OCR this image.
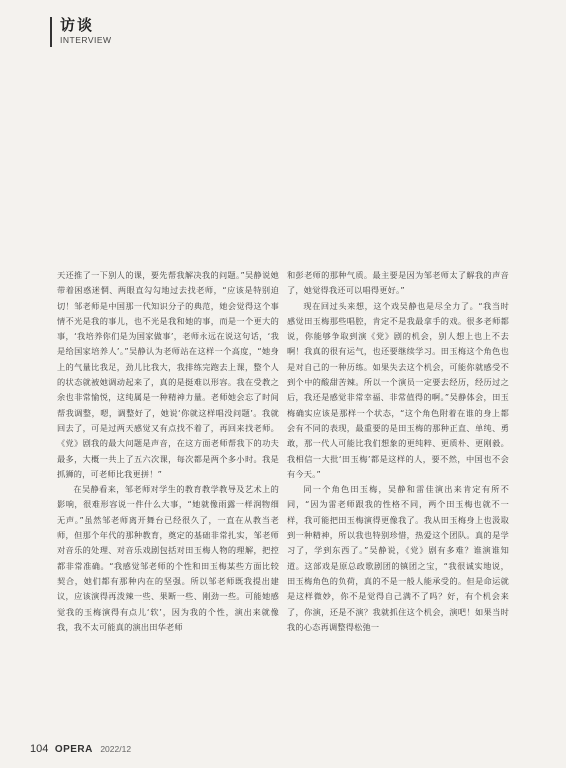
访谈
INTERVIEW

天还推了一下别人的课，要先帮我解决我的问题。”吴静说她带着困惑迷惘、两眼直勾勾地过去找老师，“应该是特别迫切！邹老师是中国那一代知识分子的典范，她会觉得这个事情不光是我的事儿，也不光是我和她的事，而是一个更大的事，‘我培养你们是为国家做事’，老师永远在说这句话，‘我是给国家培养人’。”吴静认为老师站在这样一个高度，“她身上的气量比我足，劲儿比我大，我排练完跑去上课，整个人的状态就被她调动起来了，真的是挺难以形容。我在受教之余也非常愉悦，这纯属是一种精神力量。老师她会忘了时间帮我调整，嗯，调整好了，她说‘你就这样唱没问题’。我就回去了，可是过两天感觉又有点找不着了，再回来找老师。《党》剧我的最大问题是声音，在这方面老师帮我下的功夫最多，大概一共上了五六次课，每次都是两个多小时。我是抓狮的，可老师比我更拼！”

在吴静看来，邹老师对学生的教育教学教导及艺术上的影响，很难形容说一件什么大事，“她就像雨露一样润物细无声。”虽然邹老师离开舞台已经很久了，一直在从教当老师，但那个年代的那种教育，奠定的基础非常扎实，邹老师对音乐的处理、对音乐戏剧包括对田玉梅人物的理解，把控都非常准确。“我感觉邹老师的个性和田玉梅某些方面比较契合，她们都有那种内在的坚强。所以邹老师既我提出建议，应该演得再泼辣一些、果断一些、刚劲一些。可能她感觉我的玉梅演得有点儿‘软’，因为我的个性，演出来就像我，我不太可能真的演出田华老师

和彭老师的那种气质。最主要是因为邹老师太了解我的声音了，她觉得我还可以唱得更好。”

现在回过头来想，这个戏吴静也是尽全力了。“我当时感觉田玉梅那些唱腔，肯定不是我最拿手的戏。很多老师都说，你能够争取到演《党》剧的机会，别人想上也上不去啊！我真的很有运气，也还要继续学习。田玉梅这个角色也是对自己的一种历练。如果失去这个机会，可能你就感受不到个中的酸甜苦辣。所以一个演员一定要去经历，经历过之后，我还是感觉非常幸福、非常值得的啊。”吴静体会，田玉梅确实应该是那样一个状态，“这个角色附着在谁的身上都会有不同的表现，最重要的是田玉梅的那种正直、单纯、勇敢，那一代人可能比我们想象的更纯粹、更质朴、更刚毅。我相信一大批‘田玉梅’都是这样的人，要不然，中国也不会有今天。”

同一个角色田玉梅，吴静和雷佳演出来肯定有所不同，“因为雷老师跟我的性格不同，两个田玉梅也就不一样，我可能把田玉梅演得更像我了。我从田玉梅身上也汲取到一种精神，所以我也特别珍惜，热爱这个团队。真的是学习了，学到东西了。”吴静说，《党》剧有多难？谁演谁知道。这部戏是原总政歌剧团的镇团之宝，“我很诚实地说，田玉梅角色的负荷，真的不是一般人能承受的。但是命运就是这样微妙，你不是觉得自己满不了吗？好，有个机会来了，你演，还是不演？我就抓住这个机会，演吧！如果当时我的心态再调整得松弛一

104 OPERA 2022/12
